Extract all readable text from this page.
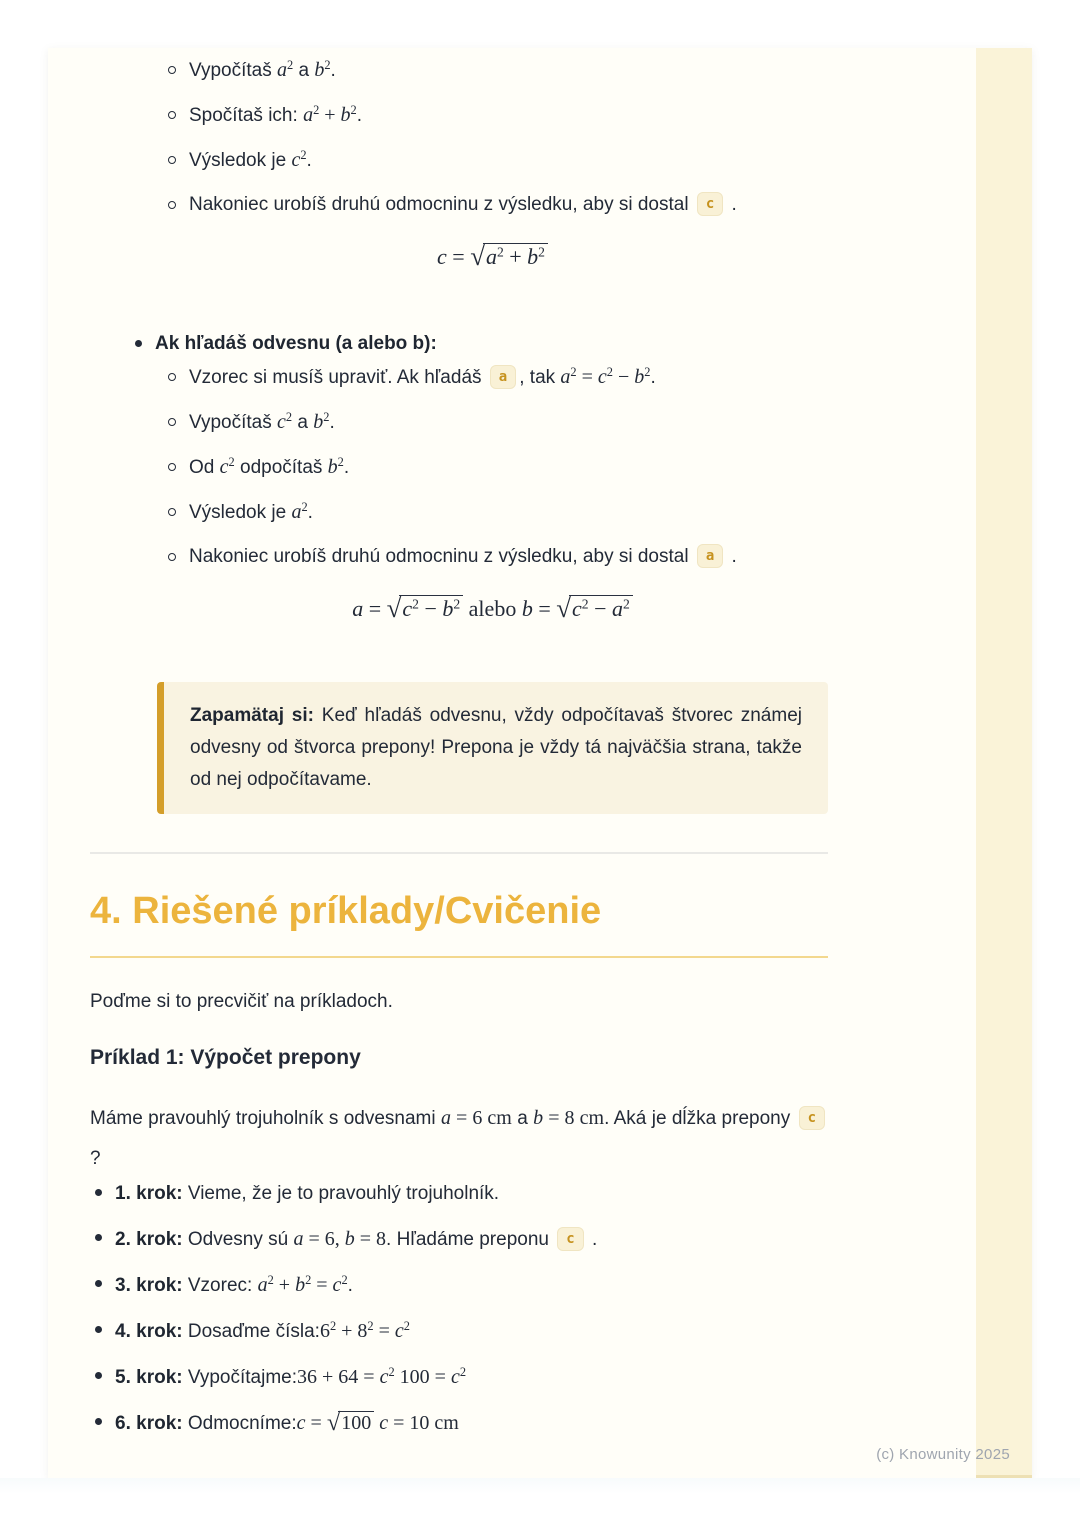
Vypočítaš $a^2$ a $b^2$.
Spočítaš ich: $a^2 + b^2$.
Výsledok je $c^2$.
Nakoniec urobíš druhú odmocninu z výsledku, aby si dostal c .
$c = √a^2 + b^2$
Ak hľadáš odvesnu (a alebo b):
Vzorec si musíš upraviť. Ak hľadáš a , tak $a^2 = c^2 - b^2$.
Vypočítaš $c^2$ a $b^2$.
Od $c^2$ odpočítaš $b^2$.
Výsledok je $a^2$.
Nakoniec urobíš druhú odmocninu z výsledku, aby si dostal a .
$a = √c^2 - b^2$ alebo $b = √c^2 - a^2$
Zapamätaj si: Keď hľadáš odvesnu, vždy odpočítavaš štvorec známej odvesny od štvorca prepony! Prepona je vždy tá najväčšia strana, takže od nej odpočítavame.
4. Riešené príklady/Cvičenie

Poďme si to precvičiť na príkladoch.

Príklad 1: Výpočet prepony

Máme pravouhlý trojuholník s odvesnami a = 6 cm a b = 8 cm. Aká je dĺžka prepony c ?

1. krok: Vieme, že je to pravouhlý trojuholník.
2. krok: Odvesny sú a = 6, b = 8. Hľadáme preponu c .
3. krok: Vzorec: $a^2 + b^2 = c^2$.
4. krok: Dosaďme $čísla:6^2 + 8^2 = c^2$
5. krok: Vypočítajme:36 + $64 = c^2$ $100 = c^2$
6. krok: Odmocníme:c = √100 c = 10 cm
(c) Knowunity 2025
